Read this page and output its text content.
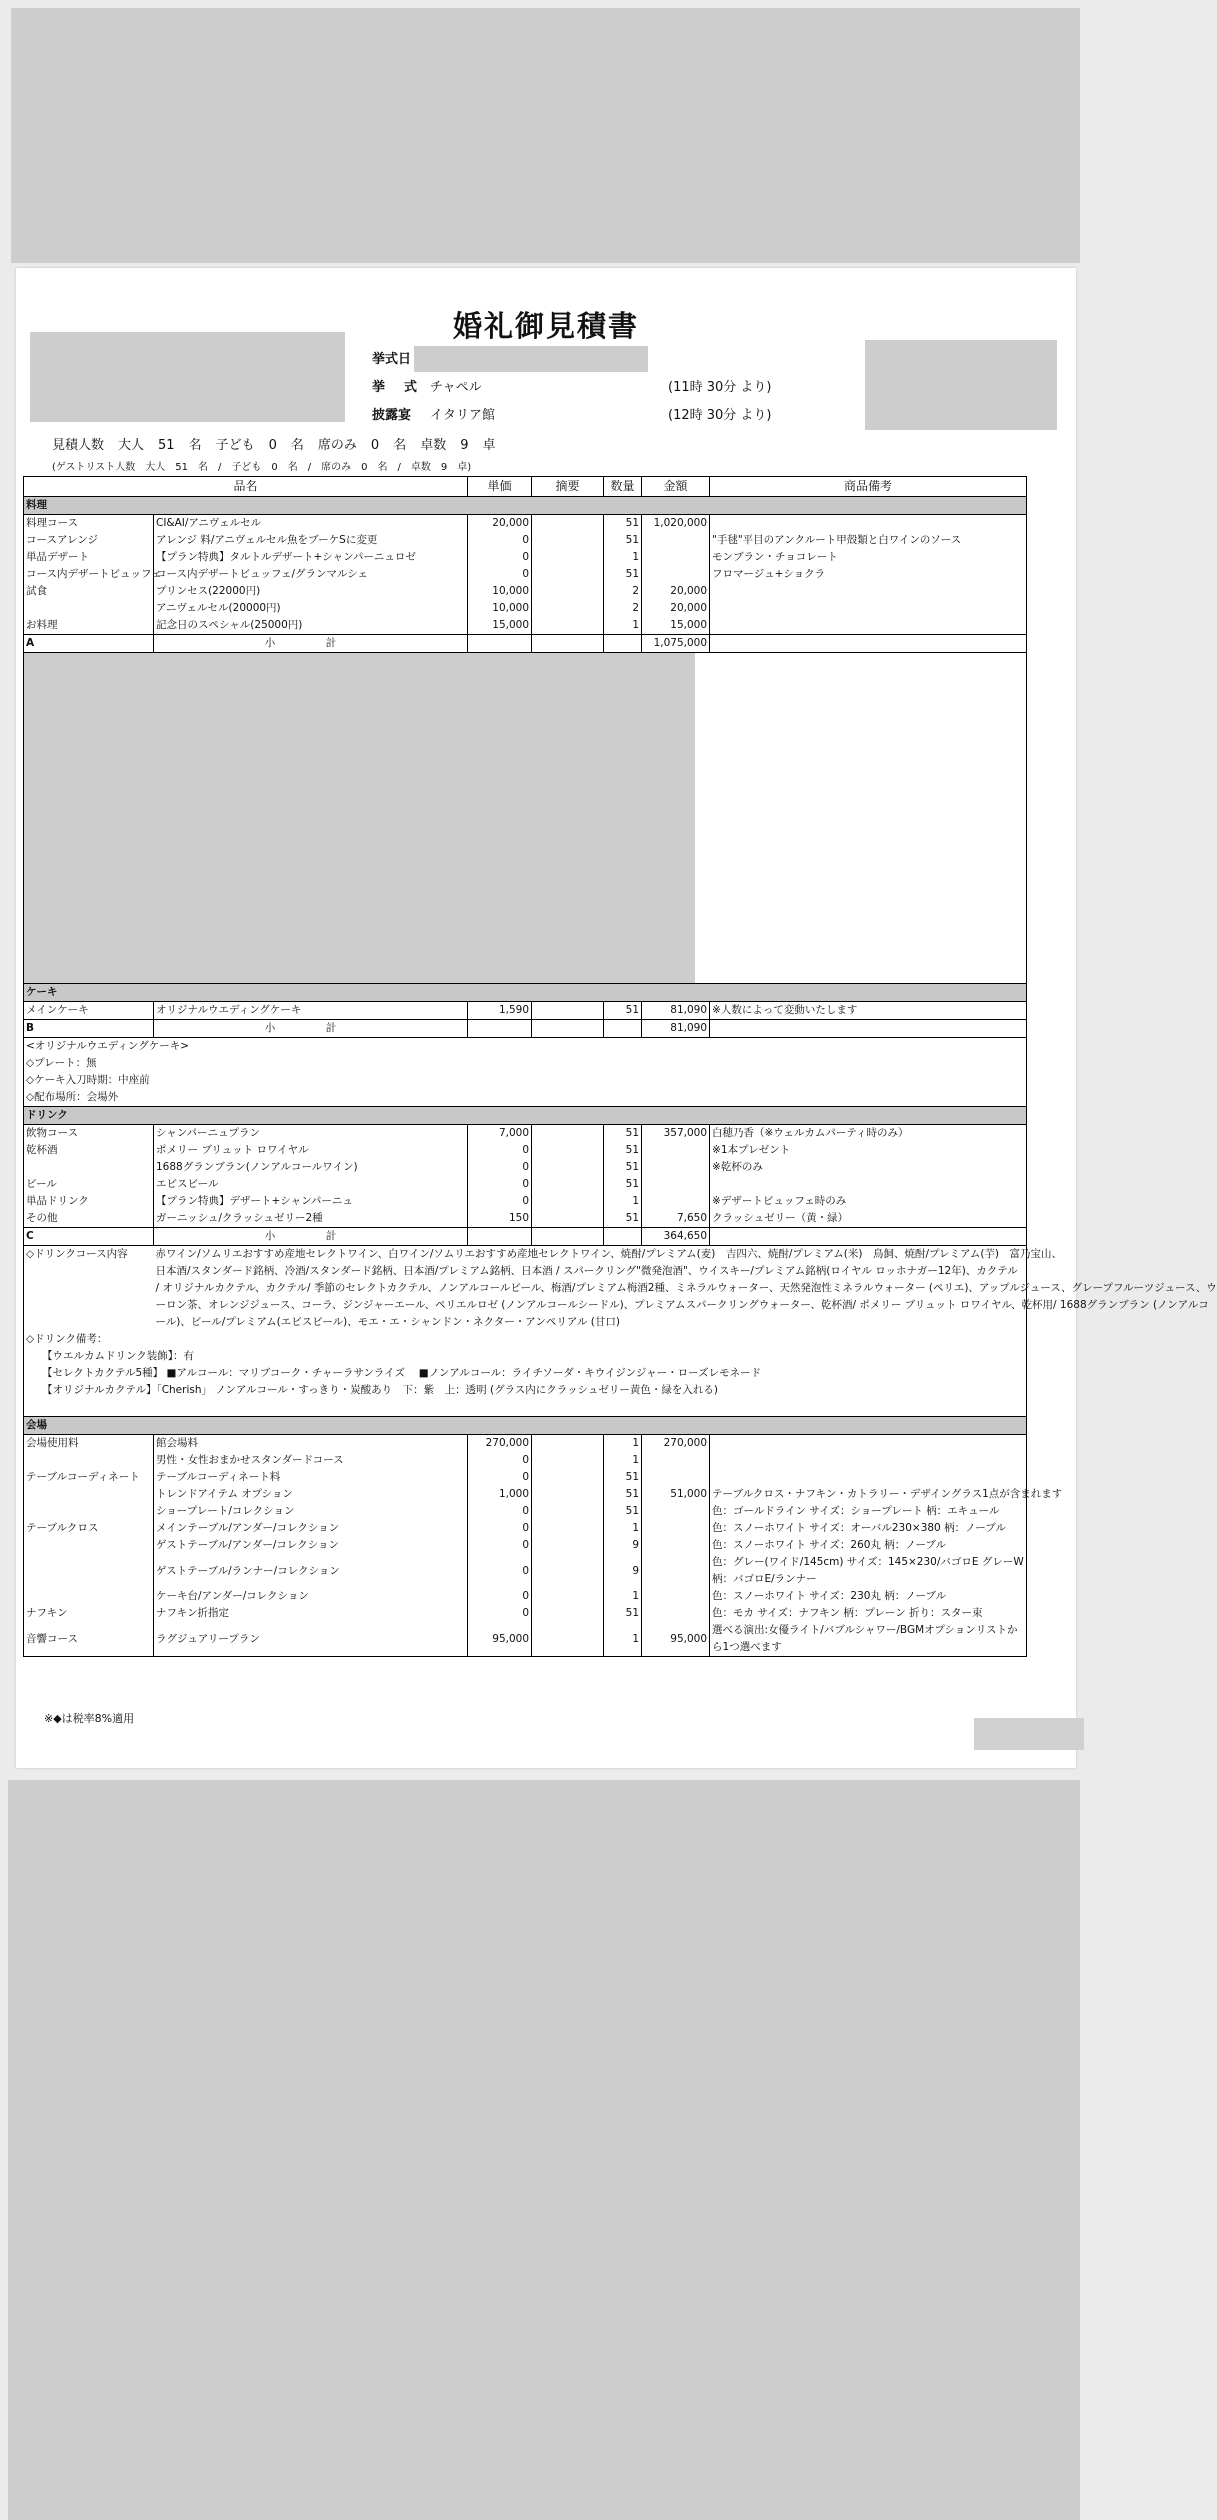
婚礼御見積書
挙式日
挙　式 チャペル	(11時 30分 より)
披露宴 イタリア館	(12時 30分 より)
見積人数 大人 51 名 子ども 0 名 席のみ 0 名 卓数 9 卓
(ゲストリスト人数　大人　51　名　/　子ども　0　名　/　席のみ　0　名　/　卓数　9　卓)
品名		単価	摘要	数量	金額	商品備考
料理						
料理コース	CI&AI/アニヴェルセル	20,000		51	1,020,000	
コースアレンジ	アレンジ 料/アニヴェルセル魚をブーケSに変更	0		51		"手毬"平目のアンクルート甲殻類と白ワインのソース
単品デザート	【プラン特典】タルトルデザート+シャンパーニュロゼ	0		1		モンブラン・チョコレート
コース内デザートビュッフェ	コース内デザートビュッフェ/グランマルシェ	0		51		フロマージュ+ショクラ
試食	プリンセス(22000円)	10,000		2	20,000	
	アニヴェルセル(20000円)	10,000		2	20,000	
お料理	記念日のスペシャル(25000円)	15,000		1	15,000	
A	小　計				1,075,000	

ケーキ						
メインケーキ	オリジナルウエディングケーキ	1,590		51	81,090	※人数によって変動いたします
B	小　計				81,090	
<オリジナルウエディングケーキ>						
◇プレート：無						
◇ケーキ入刀時期：中座前						
◇配布場所：会場外						
ドリンク						
飲物コース	シャンパーニュプラン	7,000		51	357,000	白穂乃香（※ウェルカムパーティ時のみ）
乾杯酒	ポメリー ブリュット ロワイヤル	0		51		※1本プレゼント
	1688グランブラン(ノンアルコールワイン)	0		51		※乾杯のみ
ビール	エビスビール	0		51		
単品ドリンク	【プラン特典】デザート+シャンパーニュ	0		1		※デザートビュッフェ時のみ
その他	ガーニッシュ/クラッシュゼリー2種	150		51	7,650	クラッシュゼリー（黄・緑）
C	小　計				364,650	
◇ドリンクコース内容	赤ワイン/ソムリエおすすめ産地セレクトワイン、白ワイン/ソムリエおすすめ産地セレクトワイン、焼酎/プレミアム(麦)　吉四六、焼酎/プレミアム(米)　鳥飼、焼酎/プレミアム(芋)　富乃宝山、					
	日本酒/スタンダード銘柄、冷酒/スタンダード銘柄、日本酒/プレミアム銘柄、日本酒 / スパークリング"微発泡酒"、ウイスキー/プレミアム銘柄(ロイヤル ロッホナガー12年)、カクテル					
	/ オリジナルカクテル、カクテル/ 季節のセレクトカクテル、ノンアルコールビール、梅酒/プレミアム梅酒2種、ミネラルウォーター、天然発泡性ミネラルウォーター (ペリエ)、アップルジュース、グレープフルーツジュース、ウ					
	ーロン茶、オレンジジュース、コーラ、ジンジャーエール、ペリエルロゼ (ノンアルコールシードル)、プレミアムスパークリングウォーター、乾杯酒/ ポメリー ブリュット ロワイヤル、乾杯用/ 1688グランブラン (ノンアルコ					
	ール)、ビール/プレミアム(エビスビール)、モエ・エ・シャンドン・ネクター・アンペリアル (甘口)					
◇ドリンク備考：						
【ウエルカムドリンク装飾】：有						
【セレクトカクテル5種】 ■アルコール：マリブコーク・チャーラサンライズ　 ■ノンアルコール：ライチソーダ・キウイジンジャー・ローズレモネード						
【オリジナルカクテル】「Cherish」 ノンアルコール・すっきり・炭酸あり　下：紫　上：透明 (グラス内にクラッシュゼリー黄色・緑を入れる)						

会場						
会場使用料	館会場料	270,000		1	270,000	
	男性・女性おまかせスタンダードコース	0		1		
テーブルコーディネート	テーブルコーディネート料	0		51		
	トレンドアイテム オプション	1,000		51	51,000	テーブルクロス・ナフキン・カトラリー・デザイングラス1点が含まれます
	ショープレート/コレクション	0		51		色：ゴールドライン サイズ：ショープレート 柄：エキュール
テーブルクロス	メインテーブル/アンダー/コレクション	0		1		色：スノーホワイト サイズ：オーバル230×380 柄：ノーブル
	ゲストテーブル/アンダー/コレクション	0		9		色：スノーホワイト サイズ：260丸 柄：ノーブル
	ゲストテーブル/ランナー/コレクション	0		9		色：グレー(ワイド/145cm) サイズ：145×230/バゴロE グレーW 柄：バゴロE/ランナー
	ケーキ台/アンダー/コレクション	0		1		色：スノーホワイト サイズ：230丸 柄：ノーブル
ナフキン	ナフキン折指定	0		51		色：モカ サイズ：ナフキン 柄：プレーン 折り：スター束
音響コース	ラグジュアリープラン	95,000		1	95,000	選べる演出:女優ライト/バブルシャワー/BGMオプションリストから1つ選べます
※◆は税率8%適用
